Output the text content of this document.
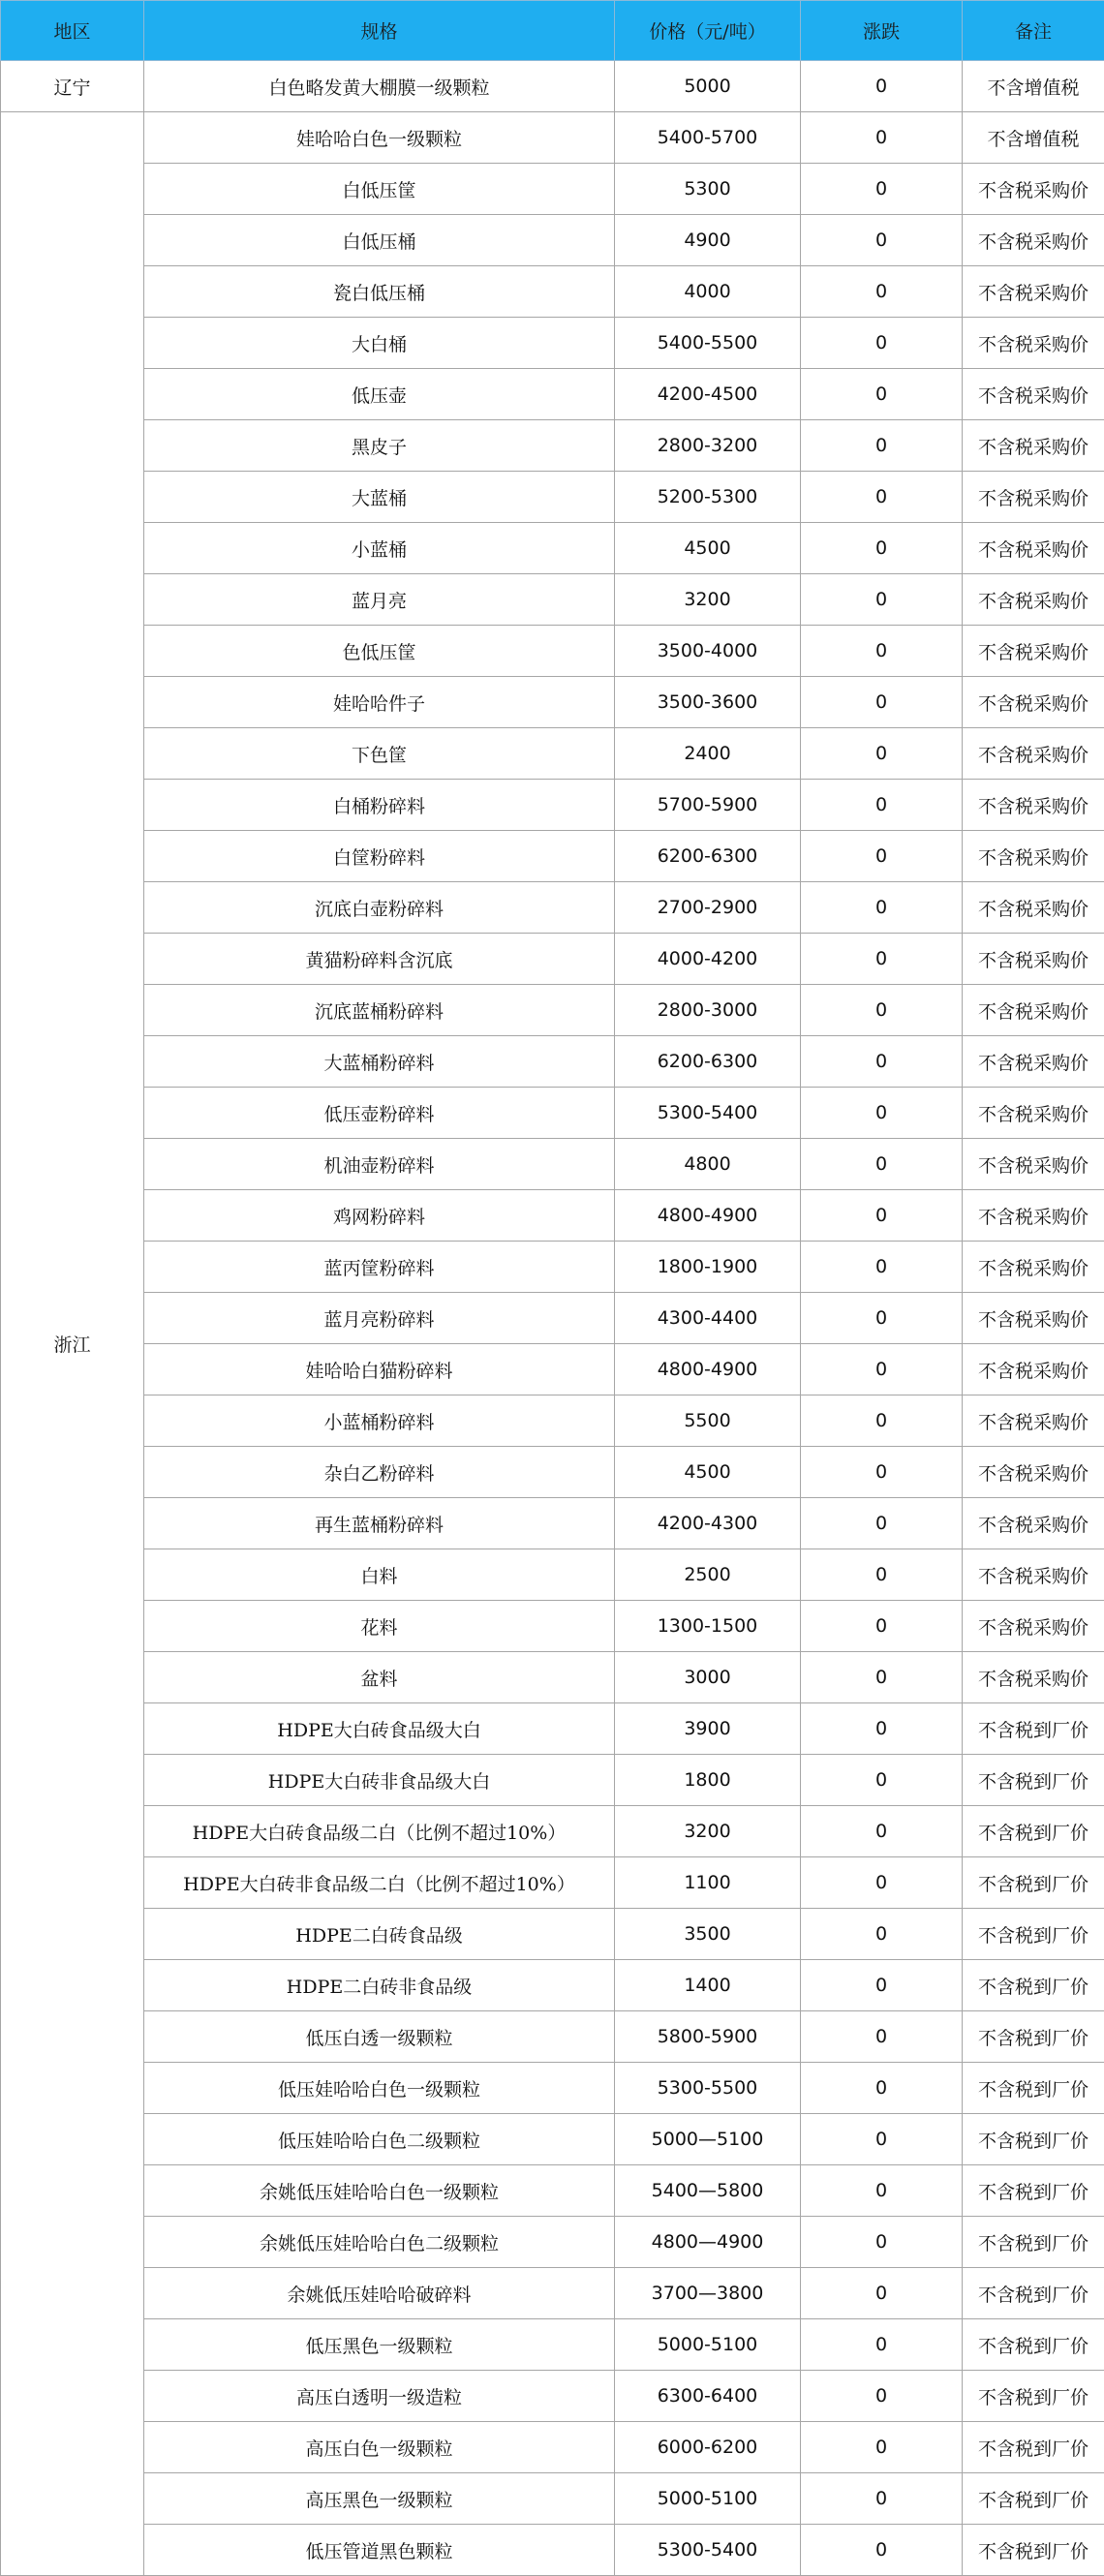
地区	规格	价格（元/吨）	涨跌	备注
辽宁	白色略发黄大棚膜一级颗粒	5000	0	不含增值税
浙江	娃哈哈白色一级颗粒	5400-5700	0	不含增值税
	白低压筐	5300	0	不含税采购价
	白低压桶	4900	0	不含税采购价
	瓷白低压桶	4000	0	不含税采购价
	大白桶	5400-5500	0	不含税采购价
	低压壶	4200-4500	0	不含税采购价
	黑皮子	2800-3200	0	不含税采购价
	大蓝桶	5200-5300	0	不含税采购价
	小蓝桶	4500	0	不含税采购价
	蓝月亮	3200	0	不含税采购价
	色低压筐	3500-4000	0	不含税采购价
	娃哈哈件子	3500-3600	0	不含税采购价
	下色筐	2400	0	不含税采购价
	白桶粉碎料	5700-5900	0	不含税采购价
	白筐粉碎料	6200-6300	0	不含税采购价
	沉底白壶粉碎料	2700-2900	0	不含税采购价
	黄猫粉碎料含沉底	4000-4200	0	不含税采购价
	沉底蓝桶粉碎料	2800-3000	0	不含税采购价
	大蓝桶粉碎料	6200-6300	0	不含税采购价
	低压壶粉碎料	5300-5400	0	不含税采购价
	机油壶粉碎料	4800	0	不含税采购价
	鸡网粉碎料	4800-4900	0	不含税采购价
	蓝丙筐粉碎料	1800-1900	0	不含税采购价
	蓝月亮粉碎料	4300-4400	0	不含税采购价
	娃哈哈白猫粉碎料	4800-4900	0	不含税采购价
	小蓝桶粉碎料	5500	0	不含税采购价
	杂白乙粉碎料	4500	0	不含税采购价
	再生蓝桶粉碎料	4200-4300	0	不含税采购价
	白料	2500	0	不含税采购价
	花料	1300-1500	0	不含税采购价
	盆料	3000	0	不含税采购价
	HDPE大白砖食品级大白	3900	0	不含税到厂价
	HDPE大白砖非食品级大白	1800	0	不含税到厂价
	HDPE大白砖食品级二白（比例不超过10%）	3200	0	不含税到厂价
	HDPE大白砖非食品级二白（比例不超过10%）	1100	0	不含税到厂价
	HDPE二白砖食品级	3500	0	不含税到厂价
	HDPE二白砖非食品级	1400	0	不含税到厂价
	低压白透一级颗粒	5800-5900	0	不含税到厂价
	低压娃哈哈白色一级颗粒	5300-5500	0	不含税到厂价
	低压娃哈哈白色二级颗粒	5000—5100	0	不含税到厂价
	余姚低压娃哈哈白色一级颗粒	5400—5800	0	不含税到厂价
	余姚低压娃哈哈白色二级颗粒	4800—4900	0	不含税到厂价
	余姚低压娃哈哈破碎料	3700—3800	0	不含税到厂价
	低压黑色一级颗粒	5000-5100	0	不含税到厂价
	高压白透明一级造粒	6300-6400	0	不含税到厂价
	高压白色一级颗粒	6000-6200	0	不含税到厂价
	高压黑色一级颗粒	5000-5100	0	不含税到厂价
	低压管道黑色颗粒	5300-5400	0	不含税到厂价
